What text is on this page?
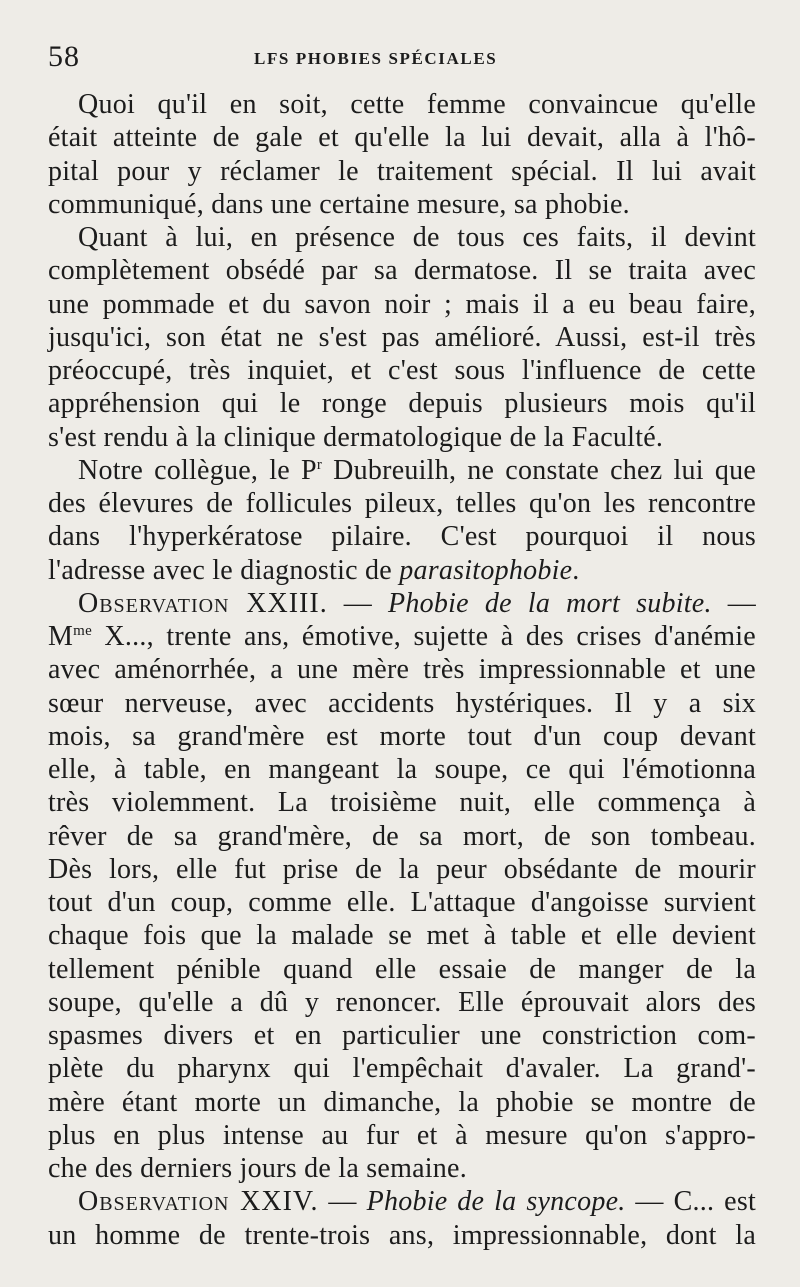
58	LFS PHOBIES SPÉCIALES
Quoi qu'il en soit, cette femme convaincue qu'elle
était atteinte de gale et qu'elle la lui devait, alla à l'hô-
pital pour y réclamer le traitement spécial. Il lui avait
communiqué, dans une certaine mesure, sa phobie.
Quant à lui, en présence de tous ces faits, il devint
complètement obsédé par sa dermatose. Il se traita avec
une pommade et du savon noir ; mais il a eu beau faire,
jusqu'ici, son état ne s'est pas amélioré. Aussi, est-il très
préoccupé, très inquiet, et c'est sous l'influence de cette
appréhension qui le ronge depuis plusieurs mois qu'il
s'est rendu à la clinique dermatologique de la Faculté.
Notre collègue, le $P^r$ Dubreuilh, ne constate chez lui que
des élevures de follicules pileux, telles qu'on les rencontre
dans l'hyperkératose pilaire. C'est pourquoi il nous
l'adresse avec le diagnostic de parasitophobie.
Observation XXIII. — Phobie de la mort subite. —
$M^{me}$ X..., trente ans, émotive, sujette à des crises d'anémie
avec aménorrhée, a une mère très impressionnable et une
sœur nerveuse, avec accidents hystériques. Il y a six
mois, sa grand'mère est morte tout d'un coup devant
elle, à table, en mangeant la soupe, ce qui l'émotionna
très violemment. La troisième nuit, elle commença à
rêver de sa grand'mère, de sa mort, de son tombeau.
Dès lors, elle fut prise de la peur obsédante de mourir
tout d'un coup, comme elle. L'attaque d'angoisse survient
chaque fois que la malade se met à table et elle devient
tellement pénible quand elle essaie de manger de la
soupe, qu'elle a dû y renoncer. Elle éprouvait alors des
spasmes divers et en particulier une constriction com-
plète du pharynx qui l'empêchait d'avaler. La grand'-
mère étant morte un dimanche, la phobie se montre de
plus en plus intense au fur et à mesure qu'on s'appro-
che des derniers jours de la semaine.
Observation XXIV. — Phobie de la syncope. — C... est
un homme de trente-trois ans, impressionnable, dont la
